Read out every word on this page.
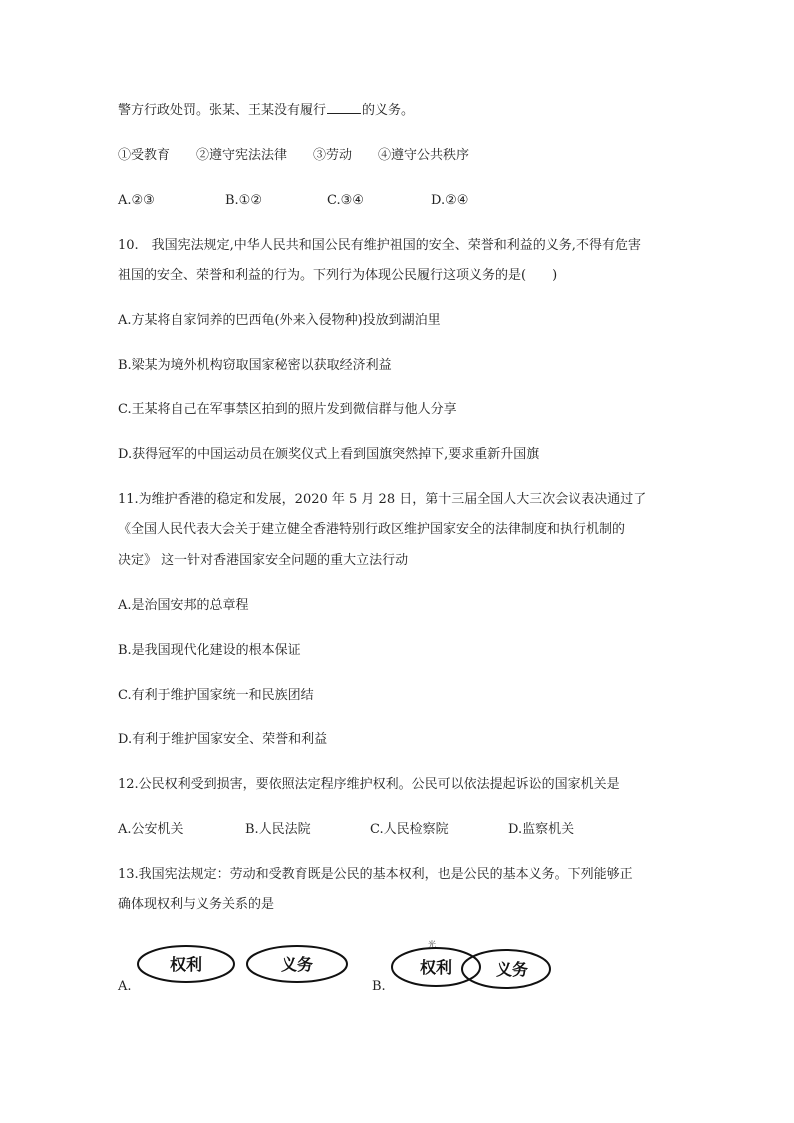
警方行政处罚。张某、王某没有履行	的义务。
①受教育　　②遵守宪法法律　　③劳动　　④遵守公共秩序
A.②③	B.①②	C.③④	D.②④
10.　我国宪法规定,中华人民共和国公民有维护祖国的安全、荣誉和利益的义务,不得有危害
祖国的安全、荣誉和利益的行为。下列行为体现公民履行这项义务的是(　　)
A.方某将自家饲养的巴西龟(外来入侵物种)投放到湖泊里
B.梁某为境外机构窃取国家秘密以获取经济利益
C.王某将自己在军事禁区拍到的照片发到微信群与他人分享
D.获得冠军的中国运动员在颁奖仪式上看到国旗突然掉下,要求重新升国旗
11.为维护香港的稳定和发展，2020 年 5 月 28 日，第十三届全国人大三次会议表决通过了
《全国人民代表大会关于建立健全香港特别行政区维护国家安全的法律制度和执行机制的
决定》 这一针对香港国家安全问题的重大立法行动
A.是治国安邦的总章程
B.是我国现代化建设的根本保证
C.有利于维护国家统一和民族团结
D.有利于维护国家安全、荣誉和利益
12.公民权利受到损害，要依照法定程序维护权利。公民可以依法提起诉讼的国家机关是
A.公安机关	B.人民法院	C.人民检察院	D.监察机关
13.我国宪法规定：劳动和受教育既是公民的基本权利，也是公民的基本义务。下列能够正
确体现权利与义务关系的是
A.	B.
权利	义务
光
权利	义务
